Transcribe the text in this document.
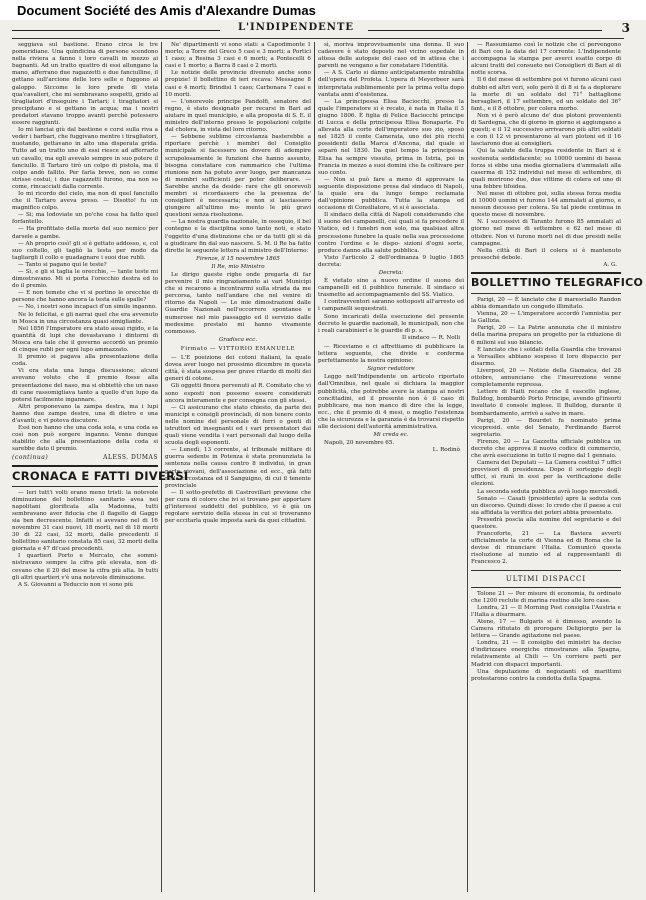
Document Société des Amis d'Alexandre Dumas
L'INDIPENDENTE	3

seggiava sul bastione. Erano circa le tre pomeridiane. Una quindicina di persone scendono nella riviera a fanno i loro cavalli in mezzo ai bagnanti. Ad un tratto quattro di essi allungano la mano, afferrano due ragazzetti e due fanciulline, il gettano sull'arcione delle loro selle e fuggono al galoppo. Siccome le loro prede di vista qua'cavalieri, che mi sembravano sospetti, grido al tiragliatori d'inseguire i Tartari; i tiragliatori si precipitano e si gettano in acqua; ma i nostri predatori stavano troppo avanti perchè potessero essere raggiunti.

Io mi lanciai giù dal bastione e corsi sulla riva a veder i barbari, che fuggivano mentre i tiragliatori, nuotando, gettavano in alto una disperata grida. Tutto ad un tratto uno di essi riesce ad afferrarlo un cavallo, ma egli avevalo sempre in suo potere il fanciullo. Il Tartaro tirò un colpo di pistola, ma il colpo andò fallito. Per farla breve, non so come strisse costui, i due ragazzetti furono, ma non so come, rincacciati dalla corrente.

Io mi ricordo del cielo, ma non di quel fanciullo che il Tartaro aveva preso. — Disotto! fu un magnifico colpo.

— Si; ma lodoviate un po'che cosa ha fatto quel forfantello.

— Ha profittato della morte del suo nemico per darsele a gambe.

— Ah proprio così! gli si è gettato addosso, e, col suo coltello, gli tagliò la testa per modo da tagliargli il collo e guadagnare i suoi due rubli.

— Tanto si pagano qui le teste?

— Sì, e gli si taglia le orecchie, — tante teste mi dimostravano. Mi si porta l'orecchio destra ed io do il premio.

— E non temete che vi si portino le orecchie di persone che hanno ancora la testa sulle spalle?

— No, i nostri sono incapaci d'un simile inganno.

Ne lo felicitai, e gli narrai quel che era avvenuto in Mosca in una circostanza quasi simigliante.

Nel 1856 l'Imperatore era stato assai rigido, e la quantità di lupi che devastavano i dintorni di Mosca era tale che il governo accordò un premio di cinque rubli per ogni lupo ammazzato.

Il premio si pagava alla presentazione della coda.

Vi era stata una lunga discussione; alcuni avevano voluto che il premio fosse alla presentazione del naso, ma si obbiettò che un naso di cane rassomigliava tanto a quello d'un lupo da potersi facilmente ingannare.

Altri proponevano la zampa destra, ma i lupi hanno due zampe destre, una di dietro e una d'avanti; e vi poteva discutere.

Essi non hanno che una coda sola, e una coda sa così non può sorgere inganno. Venne dunque stabilito che alla presentazione della coda si sarebbe dato il premio.

(continua)	ALESS. DUMAS
CRONACA E FATTI DIVERSI

— Ieri tutt'i volti erano meno tristi: la notevole diminuzione del bollettino sanitario avea nei napolitani glorificata alla Madonna, tutti sembravano aver fiducia che il flagello di Gaggo sia ben decrescente. Infatti si avevano nel di 16 novembre 31 casi nuovi, 18 morti, nel di 18 morti 30 di 22 casi, 32 morti, dalle precedenti il bollettino sanitario constata 85 casi, 32 morti della giornata e 47 di'casi precedenti.

I quartieri Porto e Mercato, che sommi- nistravano sempre la cifra più elevata, non di- cevano che il 20 del mese la cifra più alta. In tutti gli altri quartieri v'è una notevole diminuzione.

A S. Giovanni a Teduccio non vi sono più

Ne' dipartimenti vi sono stati: a Capodimonte 1 morto; a Torre del Greco 5 casi e 3 morti; a Portici 1 caso; a Resina 3 casi e 6 morti; a Pontecelli 6 casi e 1 morto; a Barra 8 casi e 2 morti.

Le notizie delle provincie divenuto anche sono propizie! il bollettino di ieri recava: Messagne 8 casi e 4 morti; Brindisi 1 caso; Carbonara 7 casi e 10 morti.

— L'onorevole principe Pandolfi, senatore del regno, è stato designato per recarsi in Bari ad aiutare in quel municipio, e alla proposta di S. E. il ministro dell'interno presso le popolazioni colpite dal cholera, in vista del loro ritorno.

— Sebbene sublime circostanza basterebbe a riportare perchè i membri del Consiglio municipale si facessero un dovere di adempire scrupolosamente le funzioni che hanno assunto, bisogna constatare con rammarico che l'ultima riunione non ha potuto aver luogo, per mancanza di membri sufficienti per poter deliberare. — Sarebbe anche da deside- rare che gli onorevoli membri si ricordassero che la presenza de' consiglieri è necessaria; e non si lasciassero giungere all'ultimo mo- mento le più gravi questioni senza risoluzione.

— La nostra guardia nazionale, in ossequio, il bel contegno e la disciplina sono tanto noti, e stato l'oggetto d'una distinzione che or da tutti gli si dà a giudicare fin dal suo nascere. S. M. il Re ha fatto dirette le seguente lettera al ministro dell'Interno:

Firenze, il 15 novembre 1865
Il Re, mio Ministro

Le dirigo queste righe onde pregarla di far pervenire il mio ringraziamento ai vari Municipi che si recarono a incontrarmi sulla strada da me percorsa, tanto nell'andare che nel venire di ritorno da Napoli — Le mie dimostrazioni dalle Guardie Nazionali nell'occorrere spontanee e numerose nel mio passaggio ed il servizio dalle medesime prestato mi hanno vivamente commosso.

Gradisca ecc.
Firmato — VITTORIO EMANUELE

— L'E poeizione dei cotoni italiani, la quale dovea aver luogo nei prossimo dicembre in questa città, è stata sospesa per grave ritardo di molti dei generi di cotone.

Gli oggetti finora pervenuti al R. Comitato che vi sono esposti non possono essere considerati ancora interamente e per consegna con gli stessi.

— Ci assicurano che stato chiesto, da parte dei municipi e consigli provinciali, di non tenere conto nelle nomine del personale di ferri o genti di istruttori ed insegnanti ed i vari presentatori dai quali viene vendita i vari personali dal luogo della scuola degli esponenti.

— Lunedì, 13 corrente, al tribunale militare di guerra sedente in Potenza è stata pronunziata la sentenza nella causa contro 8 individui, in gran parte giovani, dell'associazione ed ecc., già fatti nella circostanza ed il Sanguigno, di cui il tenente provinciale

— Il sotto-prefetto di Castrovillari previene che per cura di coloro che ivi si trovano per apportare gl'interessi suddetti del pubblico, vi è già un regolare servizio della stessa in cui si troveranno per eccitarla quale imposta sarà da quei cittadini.

sì, moriva improvvisamente una donna. Il suo cadavere è stato deposto nel vicino ospedale in attesa delle autopsie del caso ed in attesa che i parenti ne vengano a far constatare l'identità.

— A S. Carlo si dànno anticipatamente mirabilia dell'opera del Profeta. L'opera di Meyerbeer sarà interpretata sublimemente per la prima volta dopo vantata anni d'esistenza.

— La principessa Elisa Baciocchi, presso la quale l'imperatore si è recato, è nata in Italia il 3 giugno 1806. È figlia di Felice Baciocchi principe di Lucca e della principessa Elisa Bonaparte. Fu allevata alla corte dell'imperatore suo zio, sposò nel 1825 il conte Camerata, uno dei più ricchi possidenti della Marca d'Ancona, dal quale si separò nel 1830. Da quel tempo la principessa Elisa ha sempre vissuto, prima in Istria, poi in Francia in mezzo a suoi domini che fa coltivare per suo conto.

— Non si può fare a meno di approvare la seguente disposizione presa dal sindaco di Napoli, la quale era da lungo tempo reclamata dall'opinione pubblica. Tutta la stampa ed occasione di Consiliatore, vi si è associata.

Il sindaco della città di Napoli considerando che il suono dei campanelli, cui quali si fa precedere il Viatico, ed i funebri non solo, ma qualsiasi altra processione funebre la quale nella sua processione contro l'ordine e le dispo- sizioni d'ogni sorte, produce danno alla salute pubblica.

Visto l'articolo 2 dell'ordinanza 9 luglio 1865 decreta:

Decreta:

È vietato sino a nuovo ordine il suono dei campanelli ed il pubblico funerale. Il sindaco si trasmette ad accompagnamento del SS. Viatico.

I contravventori saranno sottoposti all'arresto ed i campanelli sequestrati.

Sono incaricati della esecuzione del presente decreto le guardie nazionali, le municipali, non che i reali carabinieri e le guardie di p. s.

Il sindaco — R. Nolli

— Riceviamo e ci affrettiamo di pubblicare la lettera seguente, che divide e conferma perfettamente la nostra opinione:

Signor redattore

Leggo nell'Indipendente un articolo riportato dall'Omnibus, nel quale si dichiara la maggior pubblicità, che potrebbe avere la stampa ai nostri concittadini, ed il presente non è il caso di pubblicare, ma non manco di dire che la legge, ecc., che il premio di 4 mesi, o meglio l'esistenza che la sicurezza e la garanzia è da trovarsi rispetto alle decisioni dell'autorità amministrativa.

Mi creda ec.

Napoli, 20 novembre 65.

L. Rodinò

— Rassumiamo così le notizie che ci pervengono di Bari con la data del 17 corrente: L'Indipendente accompagna la stampa per averci esatto corpo di alcuni tratti del consueto nei Consiglieri di Bari al di notte scorsa.

Il 6 del mese di settembre poi vi furono alcuni casi dubbi ed altri veri, solo però il dì 8 si fa a deplorare la morte di un soldato del 71° battaglione bersaglieri, il 17 settembre, ed un soldato del 36° fant., e il 8 ottobre, per colera morbo.

Non vi è però alcuno de' due plotoni provenienti di Sardegna, che di giorno in giorno si aggiungano a questi; e il 12 successivo arrivarono più altri soldati e con il 12 vi presentarono al vari plotoni ed il 16 lasciarono due ai consiglieri.

Qui la salute della truppa residente in Bari si è sostenuta soddisfacente; su 10000 uomini di bassa forza si ebbe una media giornaliera d'ammalati alla caserma di 152 individui nel mese di settembre, di quali morirono due, due vittime di colera ed uno di una febbre tifoidea.

Nel mese di ottobre poi, sulla stessa forza media di 10000 uomini vi furono 144 ammalati al giorno, e nessun decesso per colera. Su tal piede continua in questo mese di novembre.

N. I successivi di Taranto furono 85 ammalati al giorno nel mese di settembre e 62 nel mese di ottobre. Non vi furono morti nel di due presidi nelle campagne.

Nella città di Bari il colera si è mantenuto pressoché debole.

A. G.
BOLLETTINO TELEGRAFICO

Parigi, 20 — È lanciato che il maresciallo Randon abbia domandato un congedo illimitato.

Vienna, 20 — L'imperatore accordò l'amnistia per la Gallizia.

Parigi, 20 — La Patrie annunzia che il ministro della marina prepara un progetto per la riduzione di 6 milioni sul suo bilancio.

È lanciato che i soldati della Guardia che trovansi a Versailles abbiano sospeso il loro dispaccio per disarmo.

Liverpool, 20 — Notizie della Giamaica, del 28 ottobre, annunciano che l'insurrezione venne completamente repressa.

Lettere di Haiti recano che il vascello inglese, Bulldog, bombardò Porto Principe, avendo gl'insorti insultato il console inglese. Il Bulldog, durante il bombardamento, arrivò a salvo in mare.

Parigi, 20 — Bourdet fu nominato prima vicepresid. ente del Senato, Ferdinando Barrot segretario.

Firenze, 20 — La Gazzetta ufficiale pubblica un decreto che approva il nuovo codice di commercio, che avrà esecuzione in tutto il regno dal 1 gennaio.

Camera dei Deputati — La Camera costituì 7 uffici provvisori di presidenza. Dopo il sorteggio degli uffici, si riunì in essi per la verificazione delle elezioni.

La seconda seduta pubblica avrà luogo mercoledì.

Senato — Casati (presidente) apre la seduta con un discorso. Quindi disse: Io credo che il paese a cui sia affidata la verifica dei poteri abbia presentato.

Presedrà poscia alla nomine del segretario e del questore.

Francoforte, 21 — La Baviera avverti ufficialmente la corte di Vienna ed di Roma che la devise di rinunciare l'Italia. Comunicò questa risoluzione al nunzio ed al rappresentanti di Francesco 2.

ULTIMI DISPACCI

Tolone 21 — Per misure di economia, fu ordinato che 1200 reclute di marina restino alle loro case.

Londra, 21 — Il Morning Post consiglia l'Austria e l'Italia a disarmare.

Atene, 17 — Bulgaris si è dimesso, avendo la Camera rifiutato di prorogare Deligiorgio per la lettera — Grande agitazione nel paese.

Londra, 21 — Il consiglio dei ministri ha deciso d'indirizzare energiche rimostranze alla Spagna, relativamente al Chili — Un corriere parti per Madrid con dispacci importanti.

Una deputazione di negozianti ed marittimi protestarono contro la condotta della Spagna.
